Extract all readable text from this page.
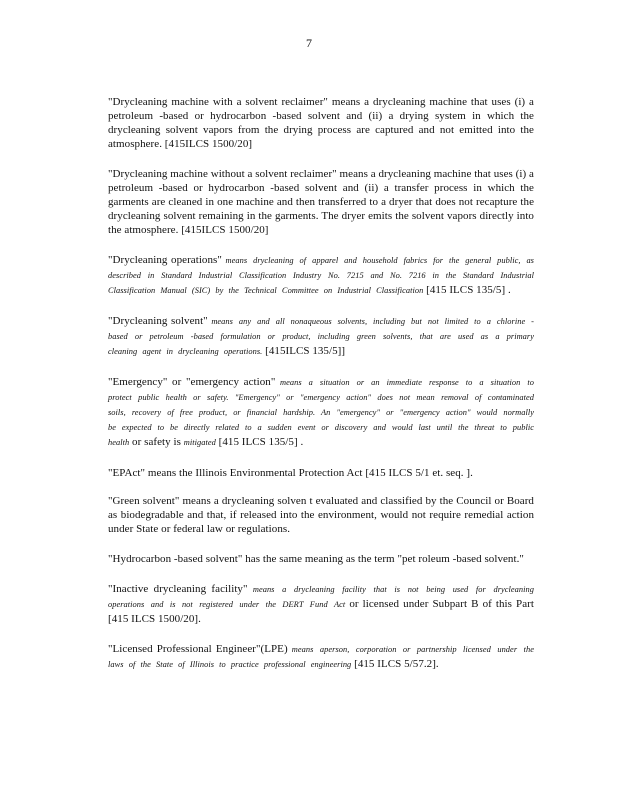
7

"Drycleaning machine with a solvent reclaimer" means a drycleaning machine that uses (i) a petroleum -based or hydrocarbon -based solvent and (ii) a drying system in which the drycleaning solvent vapors from the drying process are captured and not emitted into the atmosphere. [415ILCS 1500/20]

"Drycleaning machine without a solvent reclaimer" means a drycleaning machine that uses (i) a petroleum -based or hydrocarbon -based solvent and (ii) a transfer process in which the garments are cleaned in one machine and then transferred to a dryer that does not recapture the drycleaning solvent remaining in the garments. The dryer emits the solvent vapors directly into the atmosphere. [415ILCS 1500/20]

"Drycleaning operations" means drycleaning of apparel and household fabrics for the general public, as described in Standard Industrial Classification Industry No. 7215 and No. 7216 in the Standard Industrial Classification Manual (SIC) by the Technical Committee on Industrial Classification [415 ILCS 135/5] .

"Drycleaning solvent" means any and all nonaqueous solvents, including but not limited to a chlorine -based or petroleum -based formulation or product, including green solvents, that are used as a primary cleaning agent in drycleaning operations. [415ILCS 135/5]]

"Emergency" or "emergency action" means a situation or an immediate response to a situation to protect public health or safety. "Emergency" or "emergency action" does not mean removal of contaminated soils, recovery of free product, or financial hardship. An "emergency" or "emergency action" would normally be expected to be directly related to a sudden event or discovery and would last until the threat to public health or safety is mitigated [415 ILCS 135/5] .

"EPAct" means the Illinois Environmental Protection Act [415 ILCS 5/1 et. seq. ].

"Green solvent" means a drycleaning solven t evaluated and classified by the Council or Board as biodegradable and that, if released into the environment, would not require remedial action under State or federal law or regulations.

"Hydrocarbon -based solvent" has the same meaning as the term "pet roleum -based solvent."

"Inactive drycleaning facility" means a drycleaning facility that is not being used for drycleaning operations and is not registered under the DERT Fund Act or licensed under Subpart B of this Part [415 ILCS 1500/20].

"Licensed Professional Engineer"(LPE) means aperson, corporation or partnership licensed under the laws of the State of Illinois to practice professional engineering [415 ILCS 5/57.2].
